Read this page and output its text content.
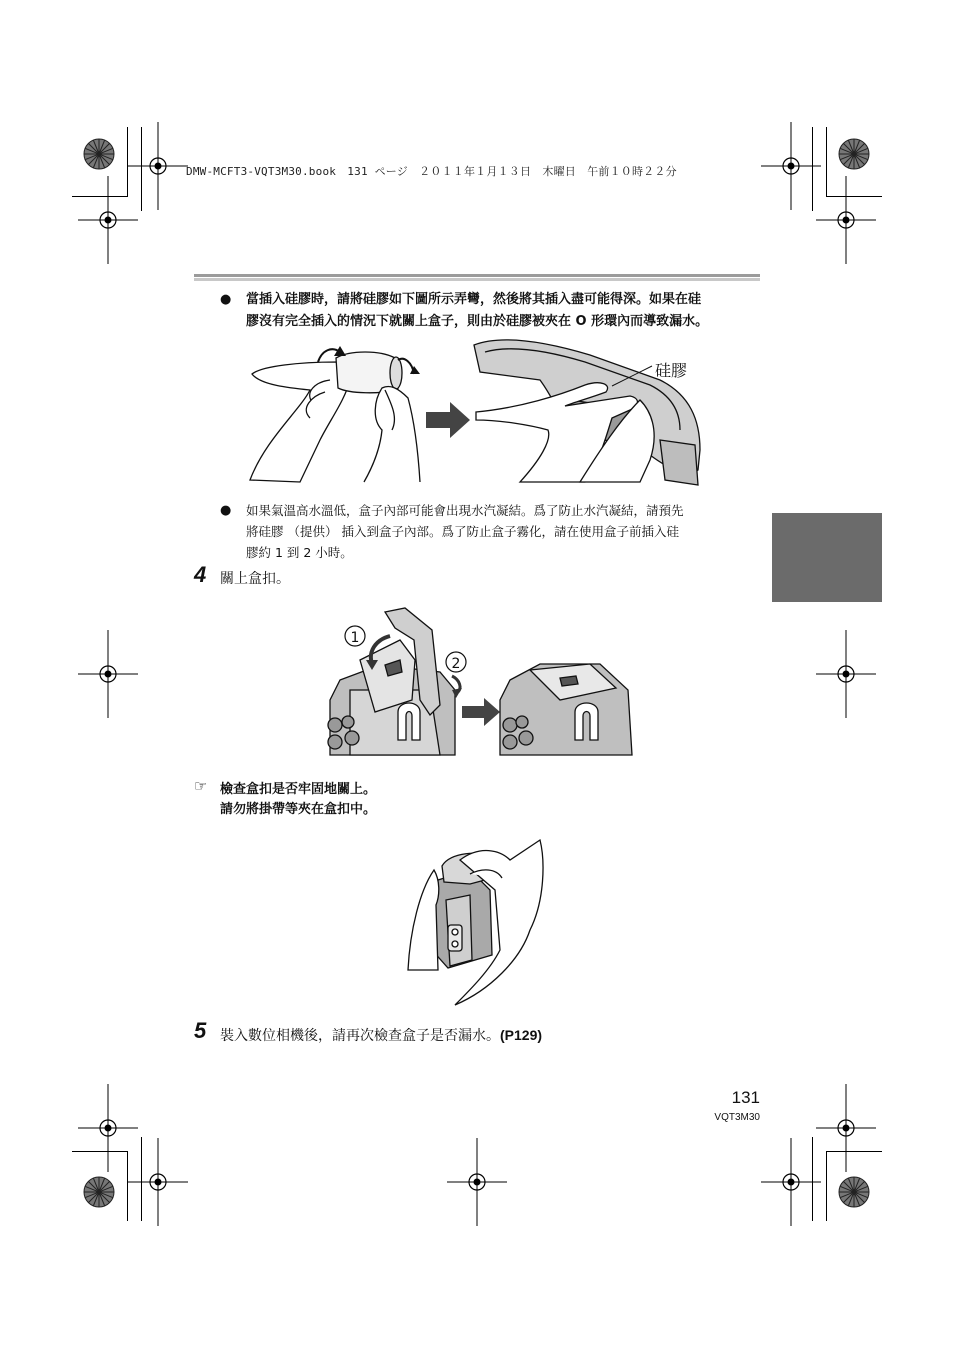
DMW-MCFT3-VQT3M30.book　131 ページ　２０１１年１月１３日　木曜日　午前１０時２２分
● 當插入硅膠時，請將硅膠如下圖所示弄彎，然後將其插入盡可能得深。如果在硅
膠沒有完全插入的情況下就關上盒子，則由於硅膠被夾在 O 形環內而導致漏水。
硅膠
● 如果氣溫高水溫低，盒子內部可能會出現水汽凝結。爲了防止水汽凝結，請預先
將硅膠 （提供） 插入到盒子內部。爲了防止盒子霧化，請在使用盒子前插入硅
膠約 1 到 2 小時。
4 關上盒扣。
1
2
☞ 檢查盒扣是否牢固地關上。
請勿將掛帶等夾在盒扣中。
5 裝入數位相機後，請再次檢查盒子是否漏水。(P129)
131
VQT3M30
